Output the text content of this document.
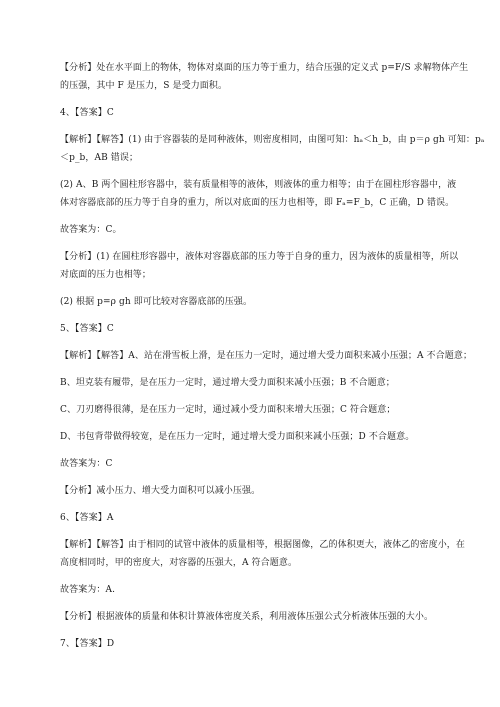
【分析】处在水平面上的物体，物体对桌面的压力等于重力，结合压强的定义式 p=F/S 求解物体产生
的压强，其中 F 是压力，S 是受力面积。
4、【答案】C
【解析】【解答】(1) 由于容器装的是同种液体，则密度相同，由图可知：hₐ＜h_b，由 p＝ρ gh 可知：pₐ
＜p_b，AB 错误；
(2) A、B 两个圆柱形容器中，装有质量相等的液体，则液体的重力相等；由于在圆柱形容器中，液
体对容器底部的压力等于自身的重力，所以对底面的压力也相等，即 Fₐ=F_b，C 正确，D 错误。
故答案为：C。
【分析】(1) 在圆柱形容器中，液体对容器底部的压力等于自身的重力，因为液体的质量相等，所以
对底面的压力也相等；
(2) 根据 p=ρ gh 即可比较对容器底部的压强。
5、【答案】C
【解析】【解答】A、站在滑雪板上滑，是在压力一定时，通过增大受力面积来减小压强；A 不合题意；
B、坦克装有履带，是在压力一定时，通过增大受力面积来减小压强；B 不合题意；
C、刀刃磨得很薄，是在压力一定时，通过减小受力面积来增大压强；C 符合题意；
D、书包背带做得较宽，是在压力一定时，通过增大受力面积来减小压强；D 不合题意。
故答案为：C
【分析】减小压力、增大受力面积可以减小压强。
6、【答案】A
【解析】【解答】由于相同的试管中液体的质量相等，根据图像，乙的体积更大，液体乙的密度小，在
高度相同时，甲的密度大，对容器的压强大，A 符合题意。
故答案为：A.
【分析】根据液体的质量和体积计算液体密度关系，利用液体压强公式分析液体压强的大小。
7、【答案】D
